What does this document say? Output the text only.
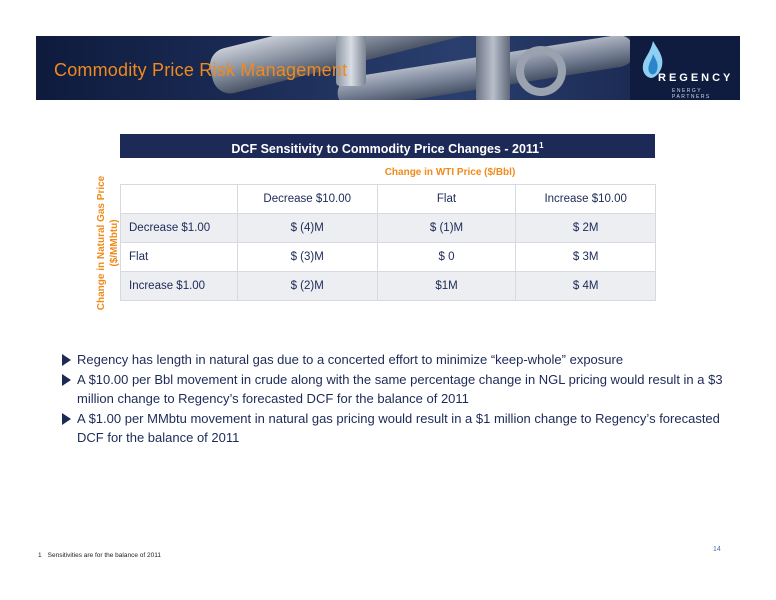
Commodity Price Risk Management	REGENCY
ENERGY PARTNERS
DCF Sensitivity to Commodity Price Changes - 2011$^1$
Change in WTI Price ($/Bbl)
Change in Natural Gas Price ($/MMbtu)
	Decrease $10.00	Flat	Increase $10.00
Decrease $1.00	$ (4)M	$ (1)M	$ 2M
Flat	$ (3)M	$ 0	$ 3M
Increase $1.00	$ (2)M	$1M	$ 4M
Regency has length in natural gas due to a concerted effort to minimize “keep-whole” exposure
A $10.00 per Bbl movement in crude along with the same percentage change in NGL pricing would result in a $3 million change to Regency’s forecasted DCF for the balance of 2011
A $1.00 per MMbtu movement in natural gas pricing would result in a $1 million change to Regency’s forecasted DCF for the balance of 2011
14
1 Sensitivities are for the balance of 2011
